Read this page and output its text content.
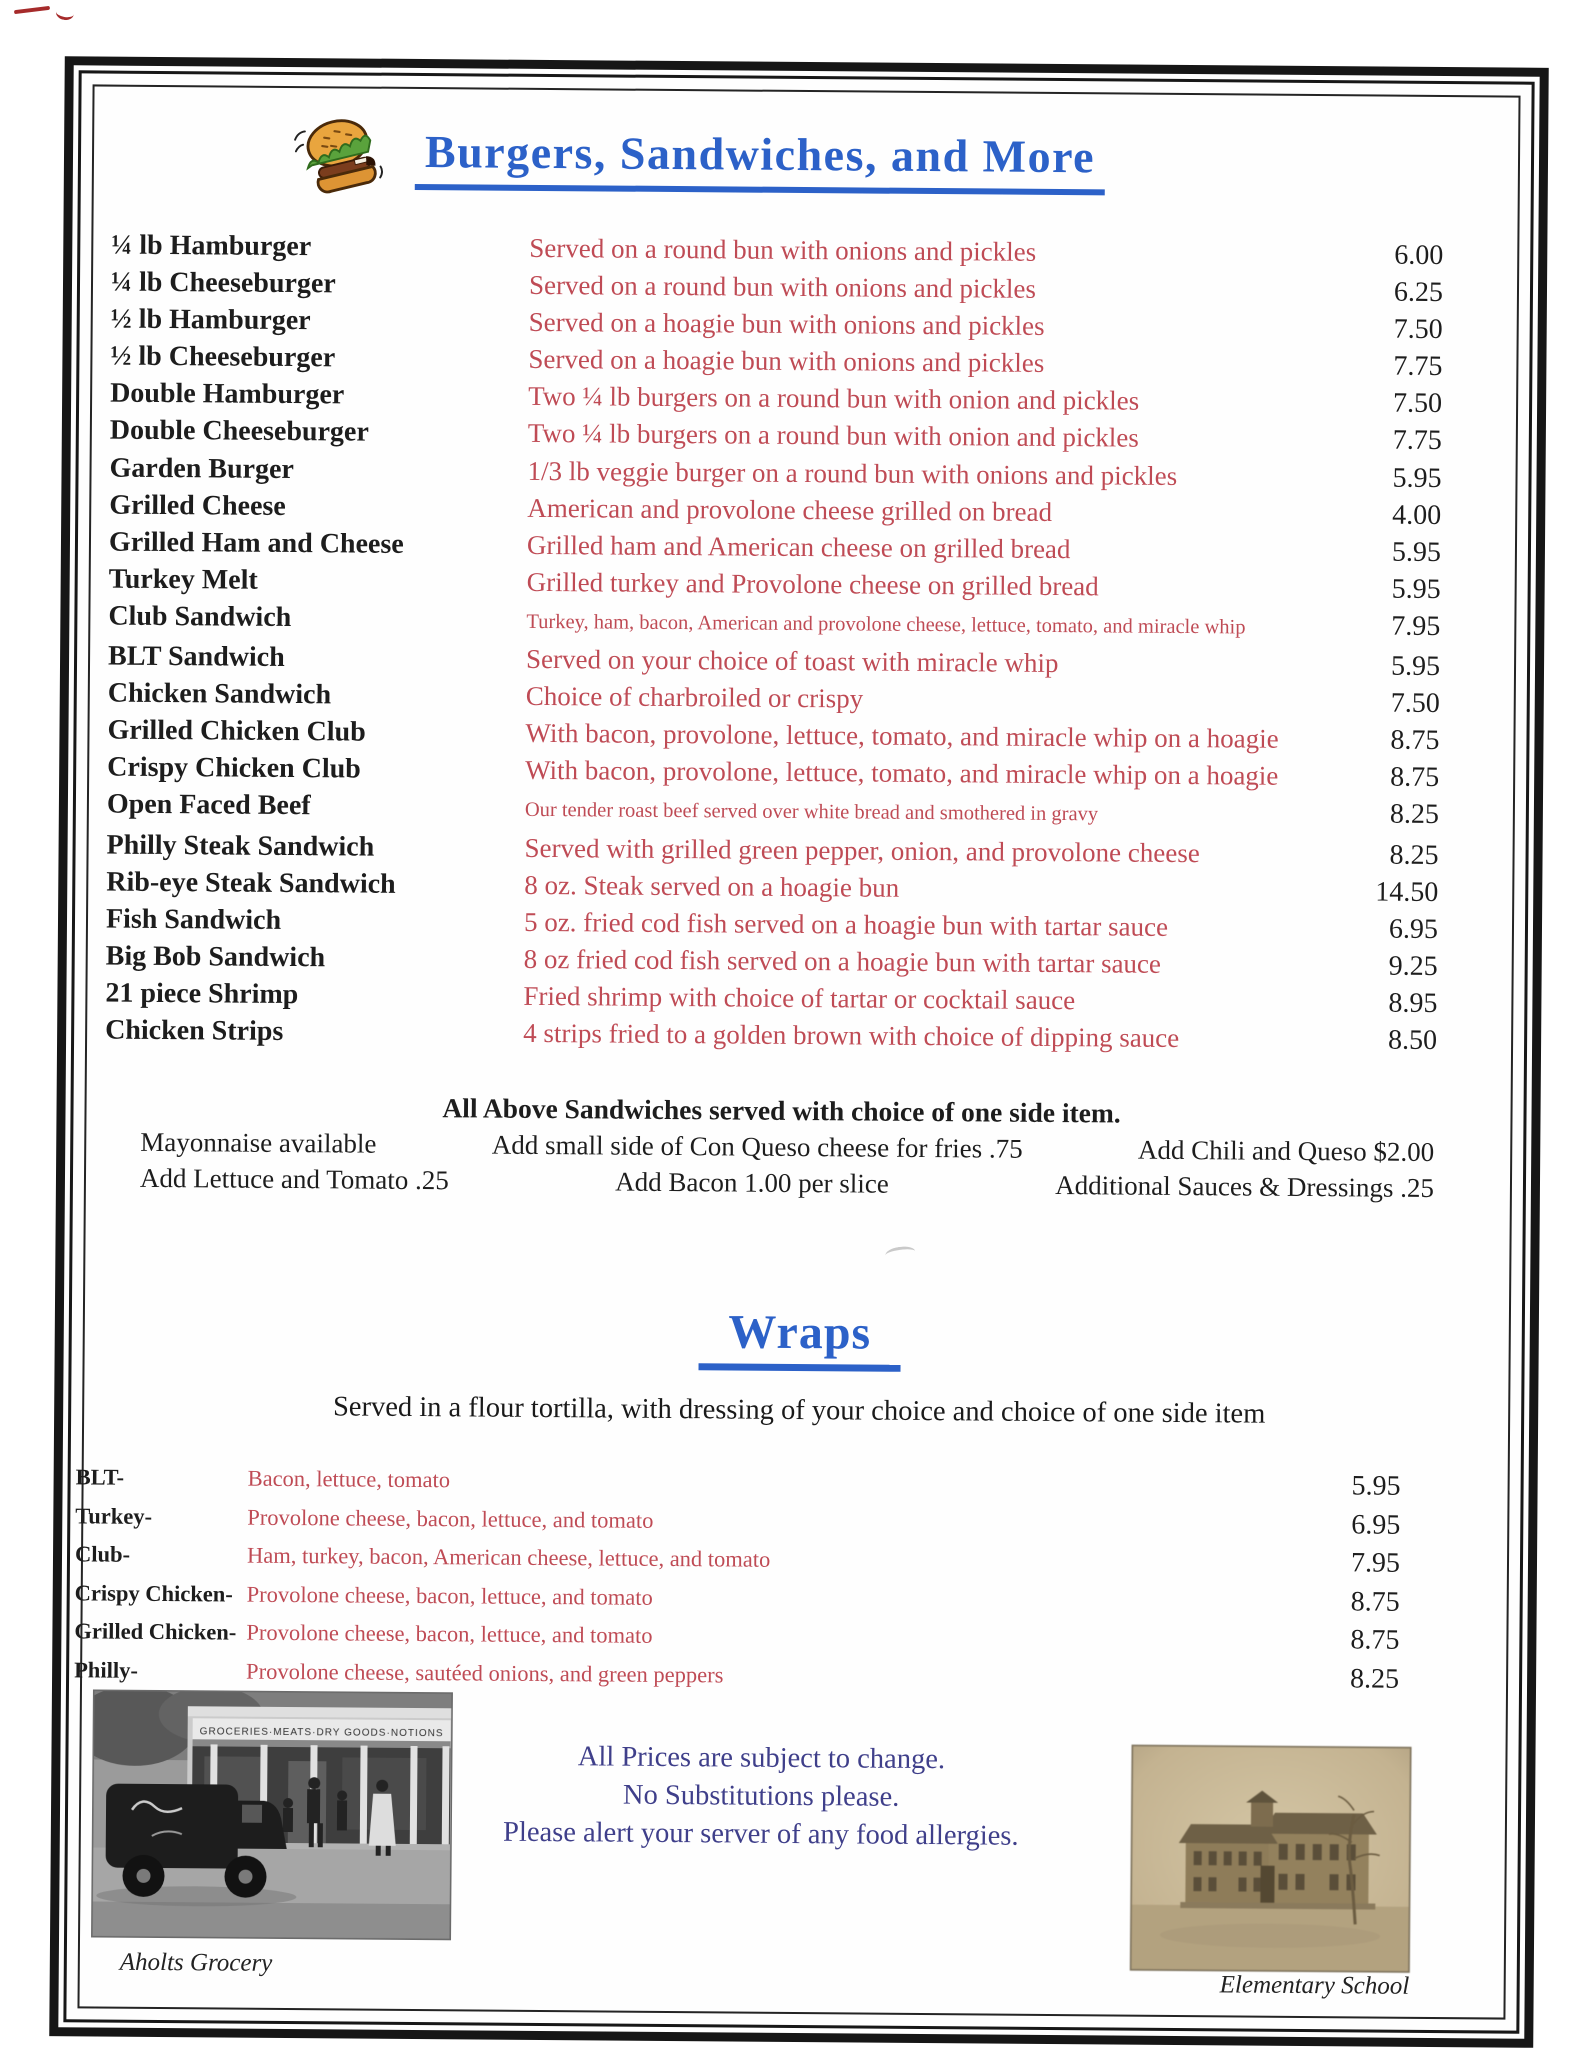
Burgers, Sandwiches, and More
¼ lb Hamburger	Served on a round bun with onions and pickles	6.00
¼ lb Cheeseburger	Served on a round bun with onions and pickles	6.25
½ lb Hamburger	Served on a hoagie bun with onions and pickles	7.50
½ lb Cheeseburger	Served on a hoagie bun with onions and pickles	7.75
Double Hamburger	Two ¼ lb burgers on a round bun with onion and pickles	7.50
Double Cheeseburger	Two ¼ lb burgers on a round bun with onion and pickles	7.75
Garden Burger	1/3 lb veggie burger on a round bun with onions and pickles	5.95
Grilled Cheese	American and provolone cheese grilled on bread	4.00
Grilled Ham and Cheese	Grilled ham and American cheese on grilled bread	5.95
Turkey Melt	Grilled turkey and Provolone cheese on grilled bread	5.95
Club Sandwich	Turkey, ham, bacon, American and provolone cheese, lettuce, tomato, and miracle whip	7.95
BLT Sandwich	Served on your choice of toast with miracle whip	5.95
Chicken Sandwich	Choice of charbroiled or crispy	7.50
Grilled Chicken Club	With bacon, provolone, lettuce, tomato, and miracle whip on a hoagie	8.75
Crispy Chicken Club	With bacon, provolone, lettuce, tomato, and miracle whip on a hoagie	8.75
Open Faced Beef	Our tender roast beef served over white bread and smothered in gravy	8.25
Philly Steak Sandwich	Served with grilled green pepper, onion, and provolone cheese	8.25
Rib-eye Steak Sandwich	8 oz. Steak served on a hoagie bun	14.50
Fish Sandwich	5 oz. fried cod fish served on a hoagie bun with tartar sauce	6.95
Big Bob Sandwich	8 oz fried cod fish served on a hoagie bun with tartar sauce	9.25
21 piece Shrimp	Fried shrimp with choice of tartar or cocktail sauce	8.95
Chicken Strips	4 strips fried to a golden brown with choice of dipping sauce	8.50
All Above Sandwiches served with choice of one side item.
Mayonnaise available	Add small side of Con Queso cheese for fries .75	Add Chili and Queso $2.00
Add Lettuce and Tomato .25	Add Bacon 1.00 per slice	Additional Sauces & Dressings .25
Wraps
Served in a flour tortilla, with dressing of your choice and choice of one side item
BLT-	Bacon, lettuce, tomato	5.95
Turkey-	Provolone cheese, bacon, lettuce, and tomato	6.95
Club-	Ham, turkey, bacon, American cheese, lettuce, and tomato	7.95
Crispy Chicken- Provolone cheese, bacon, lettuce, and tomato	8.75
Grilled Chicken- Provolone cheese, bacon, lettuce, and tomato	8.75
Philly-	Provolone cheese, sautéed onions, and green peppers	8.25
GROCERIES·MEATS·DRY GOODS·NOTIONS
All Prices are subject to change.
No Substitutions please.
Please alert your server of any food allergies.
Aholts Grocery
Elementary School
